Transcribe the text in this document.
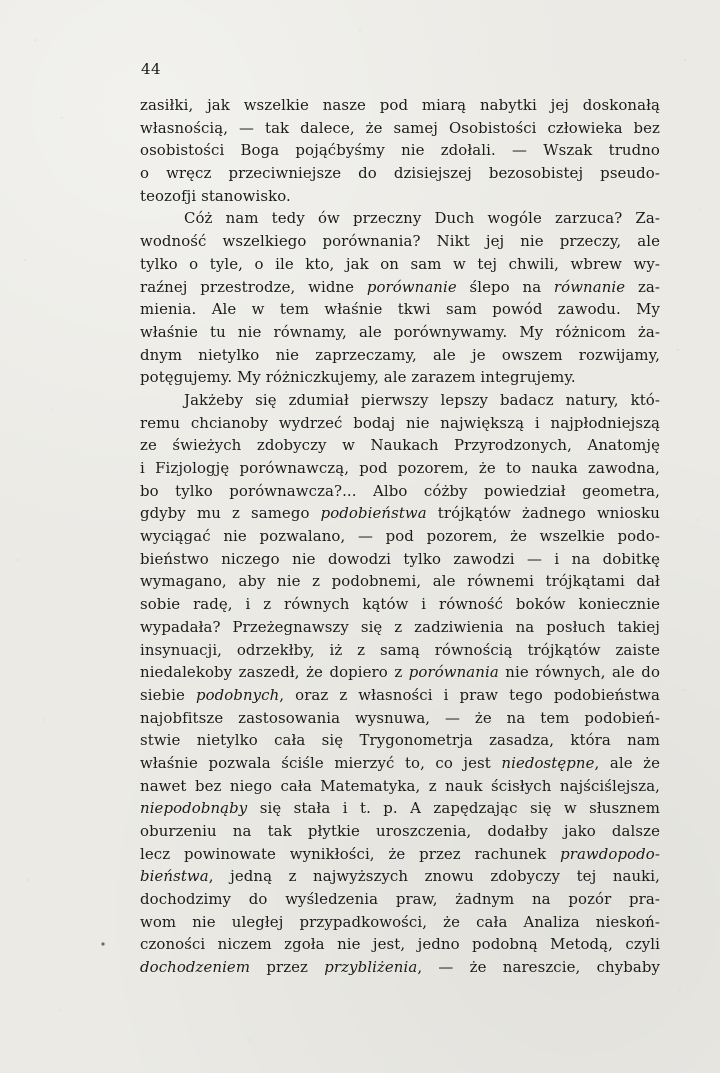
44
zasiłki, jak wszelkie nasze pod miarą nabytki jej doskonałą
własnością, — tak dalece, że samej Osobistości człowieka bez
osobistości Boga pojąćbyśmy nie zdołali. — Wszak trudno
o wręcz przeciwniejsze do dzisiejszej bezosobistej pseudo-
teozofji stanowisko.
Cóż nam tedy ów przeczny Duch wogóle zarzuca? Za-
wodność wszelkiego porównania? Nikt jej nie przeczy, ale
tylko o tyle, o ile kto, jak on sam w tej chwili, wbrew wy-
raźnej przestrodze, widne porównanie ślepo na równanie za-
mienia. Ale w tem właśnie tkwi sam powód zawodu. My
właśnie tu nie równamy, ale porównywamy. My różnicom ża-
dnym nietylko nie zaprzeczamy, ale je owszem rozwijamy,
potęgujemy. My różniczkujemy, ale zarazem integrujemy.
Jakżeby się zdumiał pierwszy lepszy badacz natury, któ-
remu chcianoby wydrzeć bodaj nie największą i najpłodniejszą
ze świeżych zdobyczy w Naukach Przyrodzonych, Anatomję
i Fizjologję porównawczą, pod pozorem, że to nauka zawodna,
bo tylko porównawcza?... Albo cóżby powiedział geometra,
gdyby mu z samego podobieństwa trójkątów żadnego wniosku
wyciągać nie pozwalano, — pod pozorem, że wszelkie podo-
bieństwo niczego nie dowodzi tylko zawodzi — i na dobitkę
wymagano, aby nie z podobnemi, ale równemi trójkątami dał
sobie radę, i z równych kątów i równość boków koniecznie
wypadała? Przeżegnawszy się z zadziwienia na posłuch takiej
insynuacji, odrzekłby, iż z samą równością trójkątów zaiste
niedalekoby zaszedł, że dopiero z porównania nie równych, ale do
siebie podobnych, oraz z własności i praw tego podobieństwa
najobfitsze zastosowania wysnuwa, — że na tem podobień-
stwie nietylko cała się Trygonometrja zasadza, która nam
właśnie pozwala ściśle mierzyć to, co jest niedostępne, ale że
nawet bez niego cała Matematyka, z nauk ścisłych najściślejsza,
niepodobnąby się stała i t. p. A zapędzając się w słusznem
oburzeniu na tak płytkie uroszczenia, dodałby jako dalsze
lecz powinowate wynikłości, że przez rachunek prawdopodo-
bieństwa, jedną z najwyższych znowu zdobyczy tej nauki,
dochodzimy do wyśledzenia praw, żadnym na pozór pra-
wom nie uległej przypadkowości, że cała Analiza nieskoń-
czoności niczem zgoła nie jest, jedno podobną Metodą, czyli
dochodzeniem przez przybliżenia, — że nareszcie, chybaby
